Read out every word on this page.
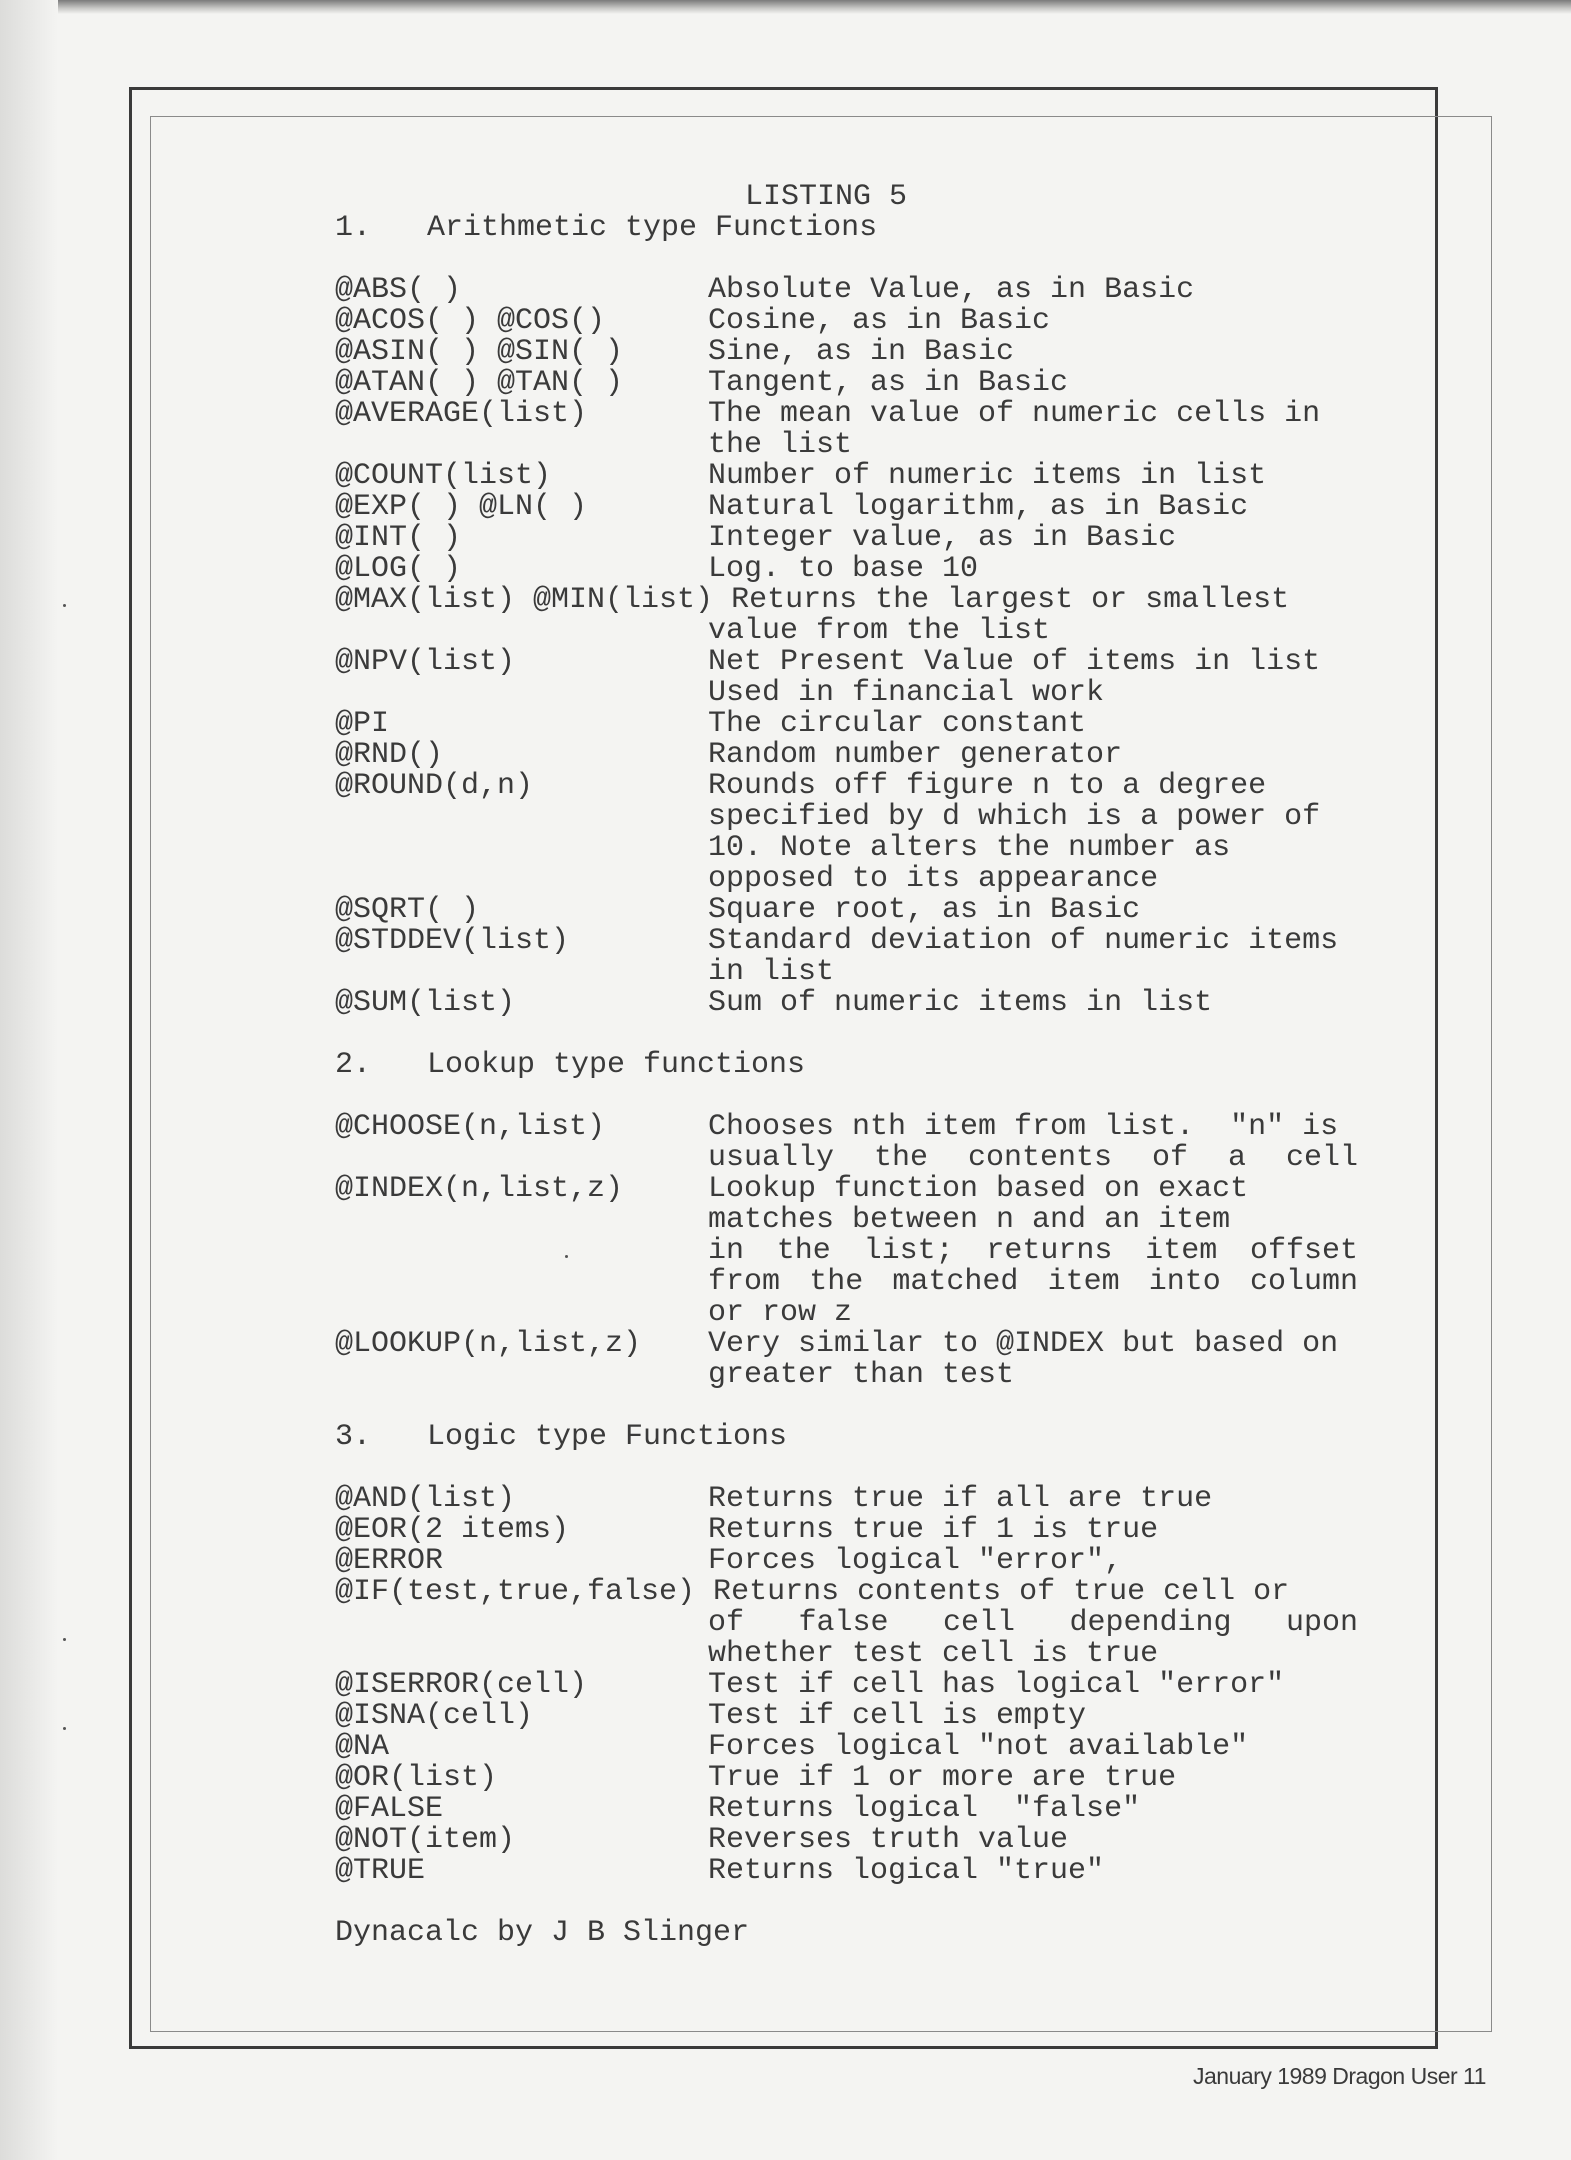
LISTING 5
1. Arithmetic type Functions
@ABS( )	Absolute Value, as in Basic
@ACOS( ) @COS()	Cosine, as in Basic
@ASIN( ) @SIN( )	Sine, as in Basic
@ATAN( ) @TAN( )	Tangent, as in Basic
@AVERAGE(list)	The mean value of numeric cells in
the list
@COUNT(list)	Number of numeric items in list
@EXP( ) @LN( )	Natural logarithm, as in Basic
@INT( )	Integer value, as in Basic
@LOG( )	Log. to base 10
@MAX(list) @MIN(list) Returns the largest or smallest
value from the list
@NPV(list)	Net Present Value of items in list
Used in financial work
@PI	The circular constant
@RND()	Random number generator
@ROUND(d,n)	Rounds off figure n to a degree
specified by d which is a power of
10. Note alters the number as
opposed to its appearance
@SQRT( )	Square root, as in Basic
@STDDEV(list)	Standard deviation of numeric items
in list
@SUM(list)	Sum of numeric items in list
2. Lookup type functions
@CHOOSE(n,list)	Chooses nth item from list.  "n" is
usually the contents of a cell
@INDEX(n,list,z)	Lookup function based on exact
matches between n and an item
in the list; returns item offset
from the matched item into column
or row z
@LOOKUP(n,list,z) Very similar to @INDEX but based on
greater than test
3. Logic type Functions
@AND(list)	Returns true if all are true
@EOR(2 items)	Returns true if 1 is true
@ERROR	Forces logical "error",
@IF(test,true,false) Returns contents of true cell or
of false cell depending upon
whether test cell is true
@ISERROR(cell)	Test if cell has logical "error"
@ISNA(cell)	Test if cell is empty
@NA	Forces logical "not available"
@OR(list)	True if 1 or more are true
@FALSE	Returns logical  "false"
@NOT(item)	Reverses truth value
@TRUE	Returns logical "true"
Dynacalc by J B Slinger
January 1989 Dragon User 11
